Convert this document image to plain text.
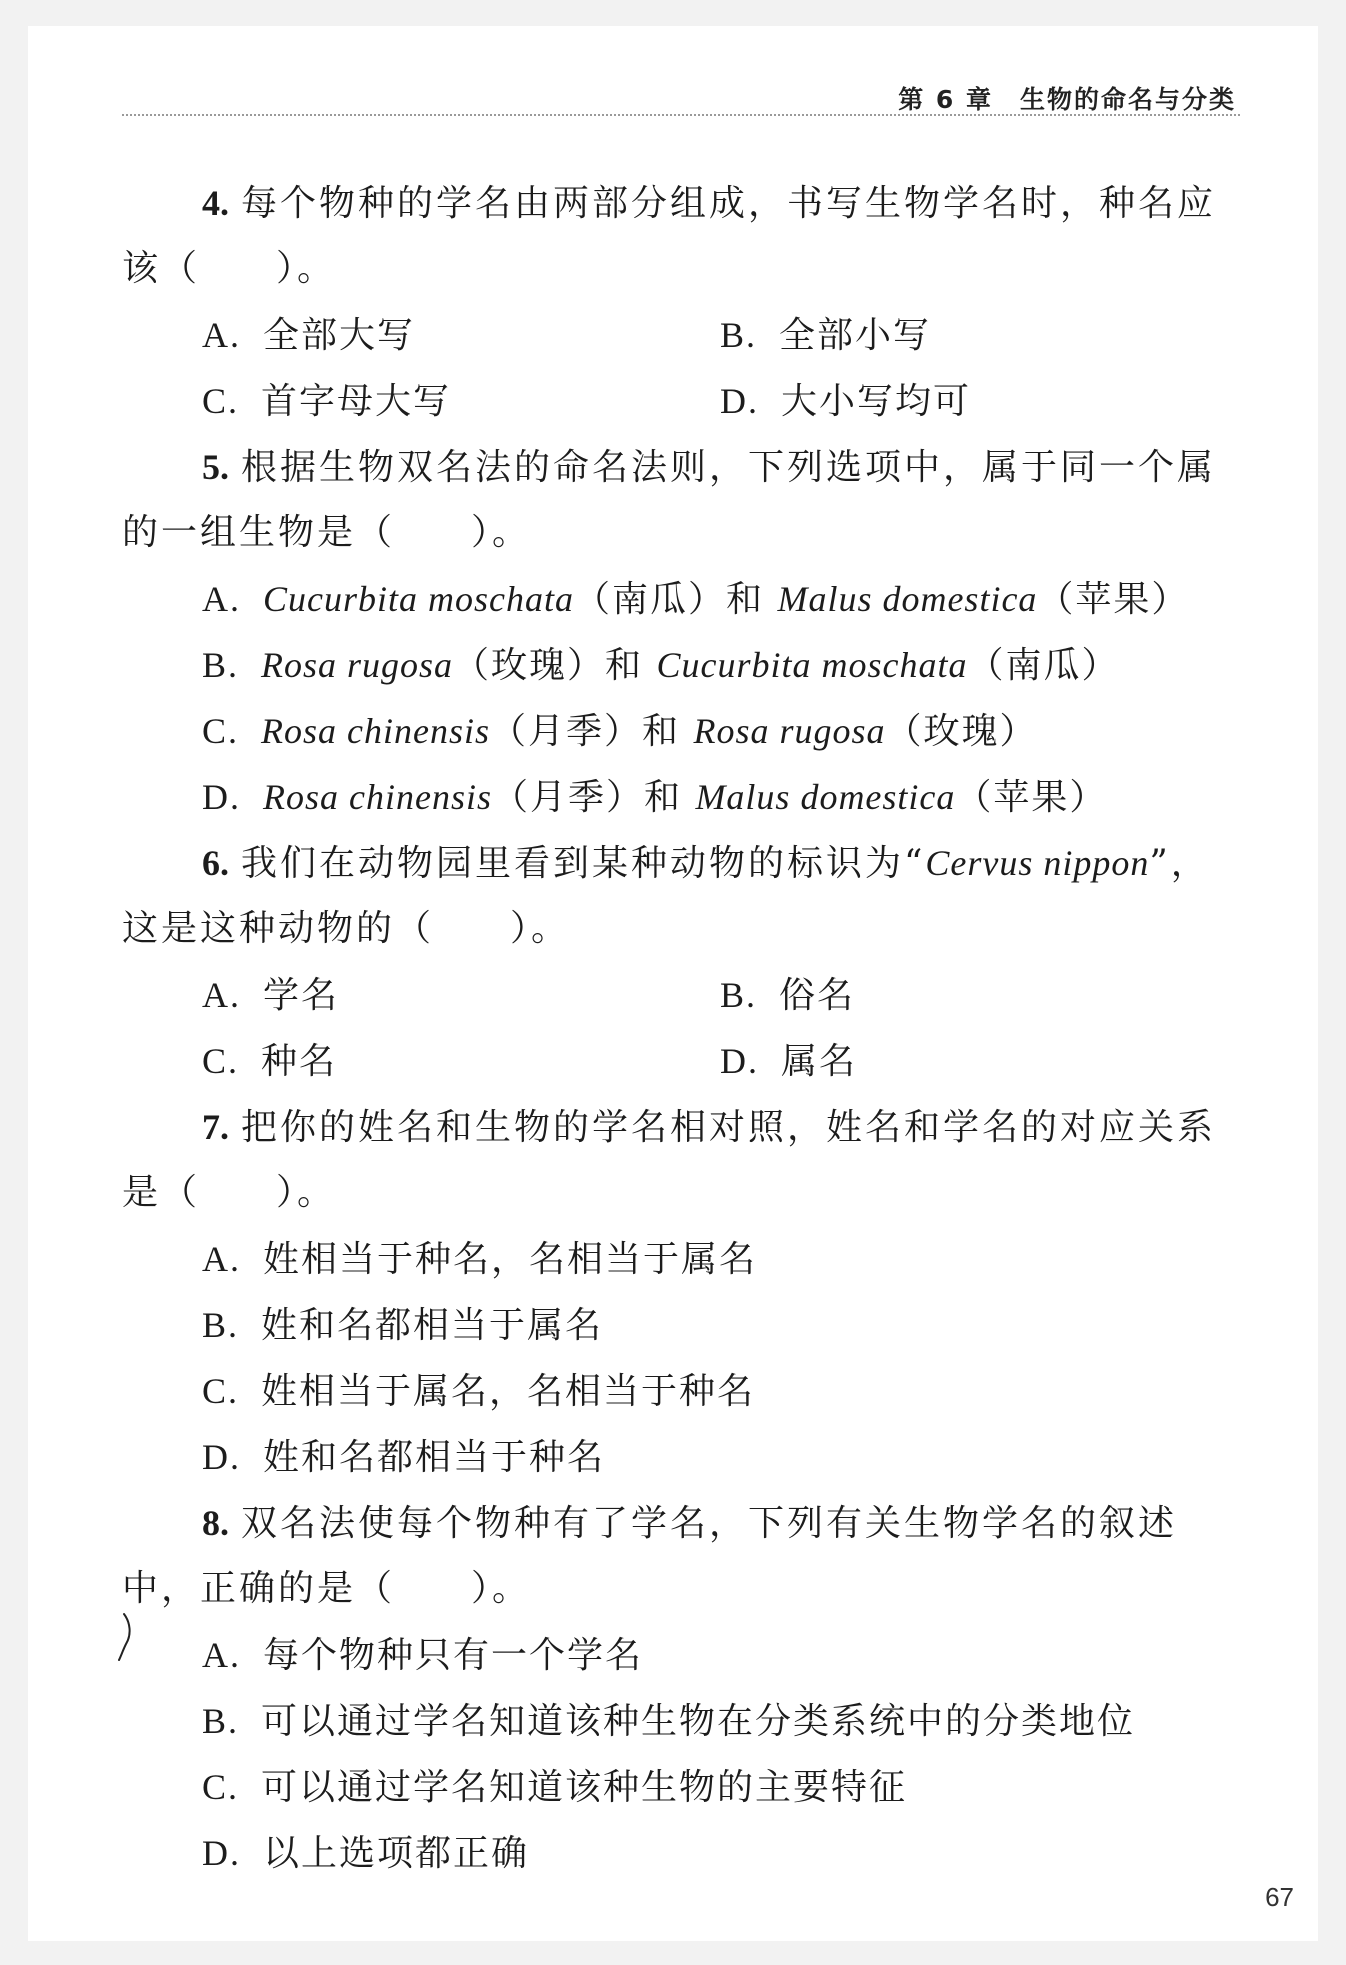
第 6 章　生物的命名与分类
4. 每个物种的学名由两部分组成，书写生物学名时，种名应
该（ ）。
A. 全部大写	B. 全部小写
C. 首字母大写	D. 大小写均可
5. 根据生物双名法的命名法则，下列选项中，属于同一个属
的一组生物是（ ）。
A. Cucurbita moschata（南瓜）和 Malus domestica（苹果）
B. Rosa rugosa（玫瑰）和 Cucurbita moschata（南瓜）
C. Rosa chinensis（月季）和 Rosa rugosa（玫瑰）
D. Rosa chinensis（月季）和 Malus domestica（苹果）
6. 我们在动物园里看到某种动物的标识为“Cervus nippon”，
这是这种动物的（ ）。
A. 学名	B. 俗名
C. 种名	D. 属名
7. 把你的姓名和生物的学名相对照，姓名和学名的对应关系
是（ ）。
A. 姓相当于种名，名相当于属名
B. 姓和名都相当于属名
C. 姓相当于属名，名相当于种名
D. 姓和名都相当于种名
8. 双名法使每个物种有了学名，下列有关生物学名的叙述
中，正确的是（ ）。
A. 每个物种只有一个学名
B. 可以通过学名知道该种生物在分类系统中的分类地位
C. 可以通过学名知道该种生物的主要特征
D. 以上选项都正确
67
